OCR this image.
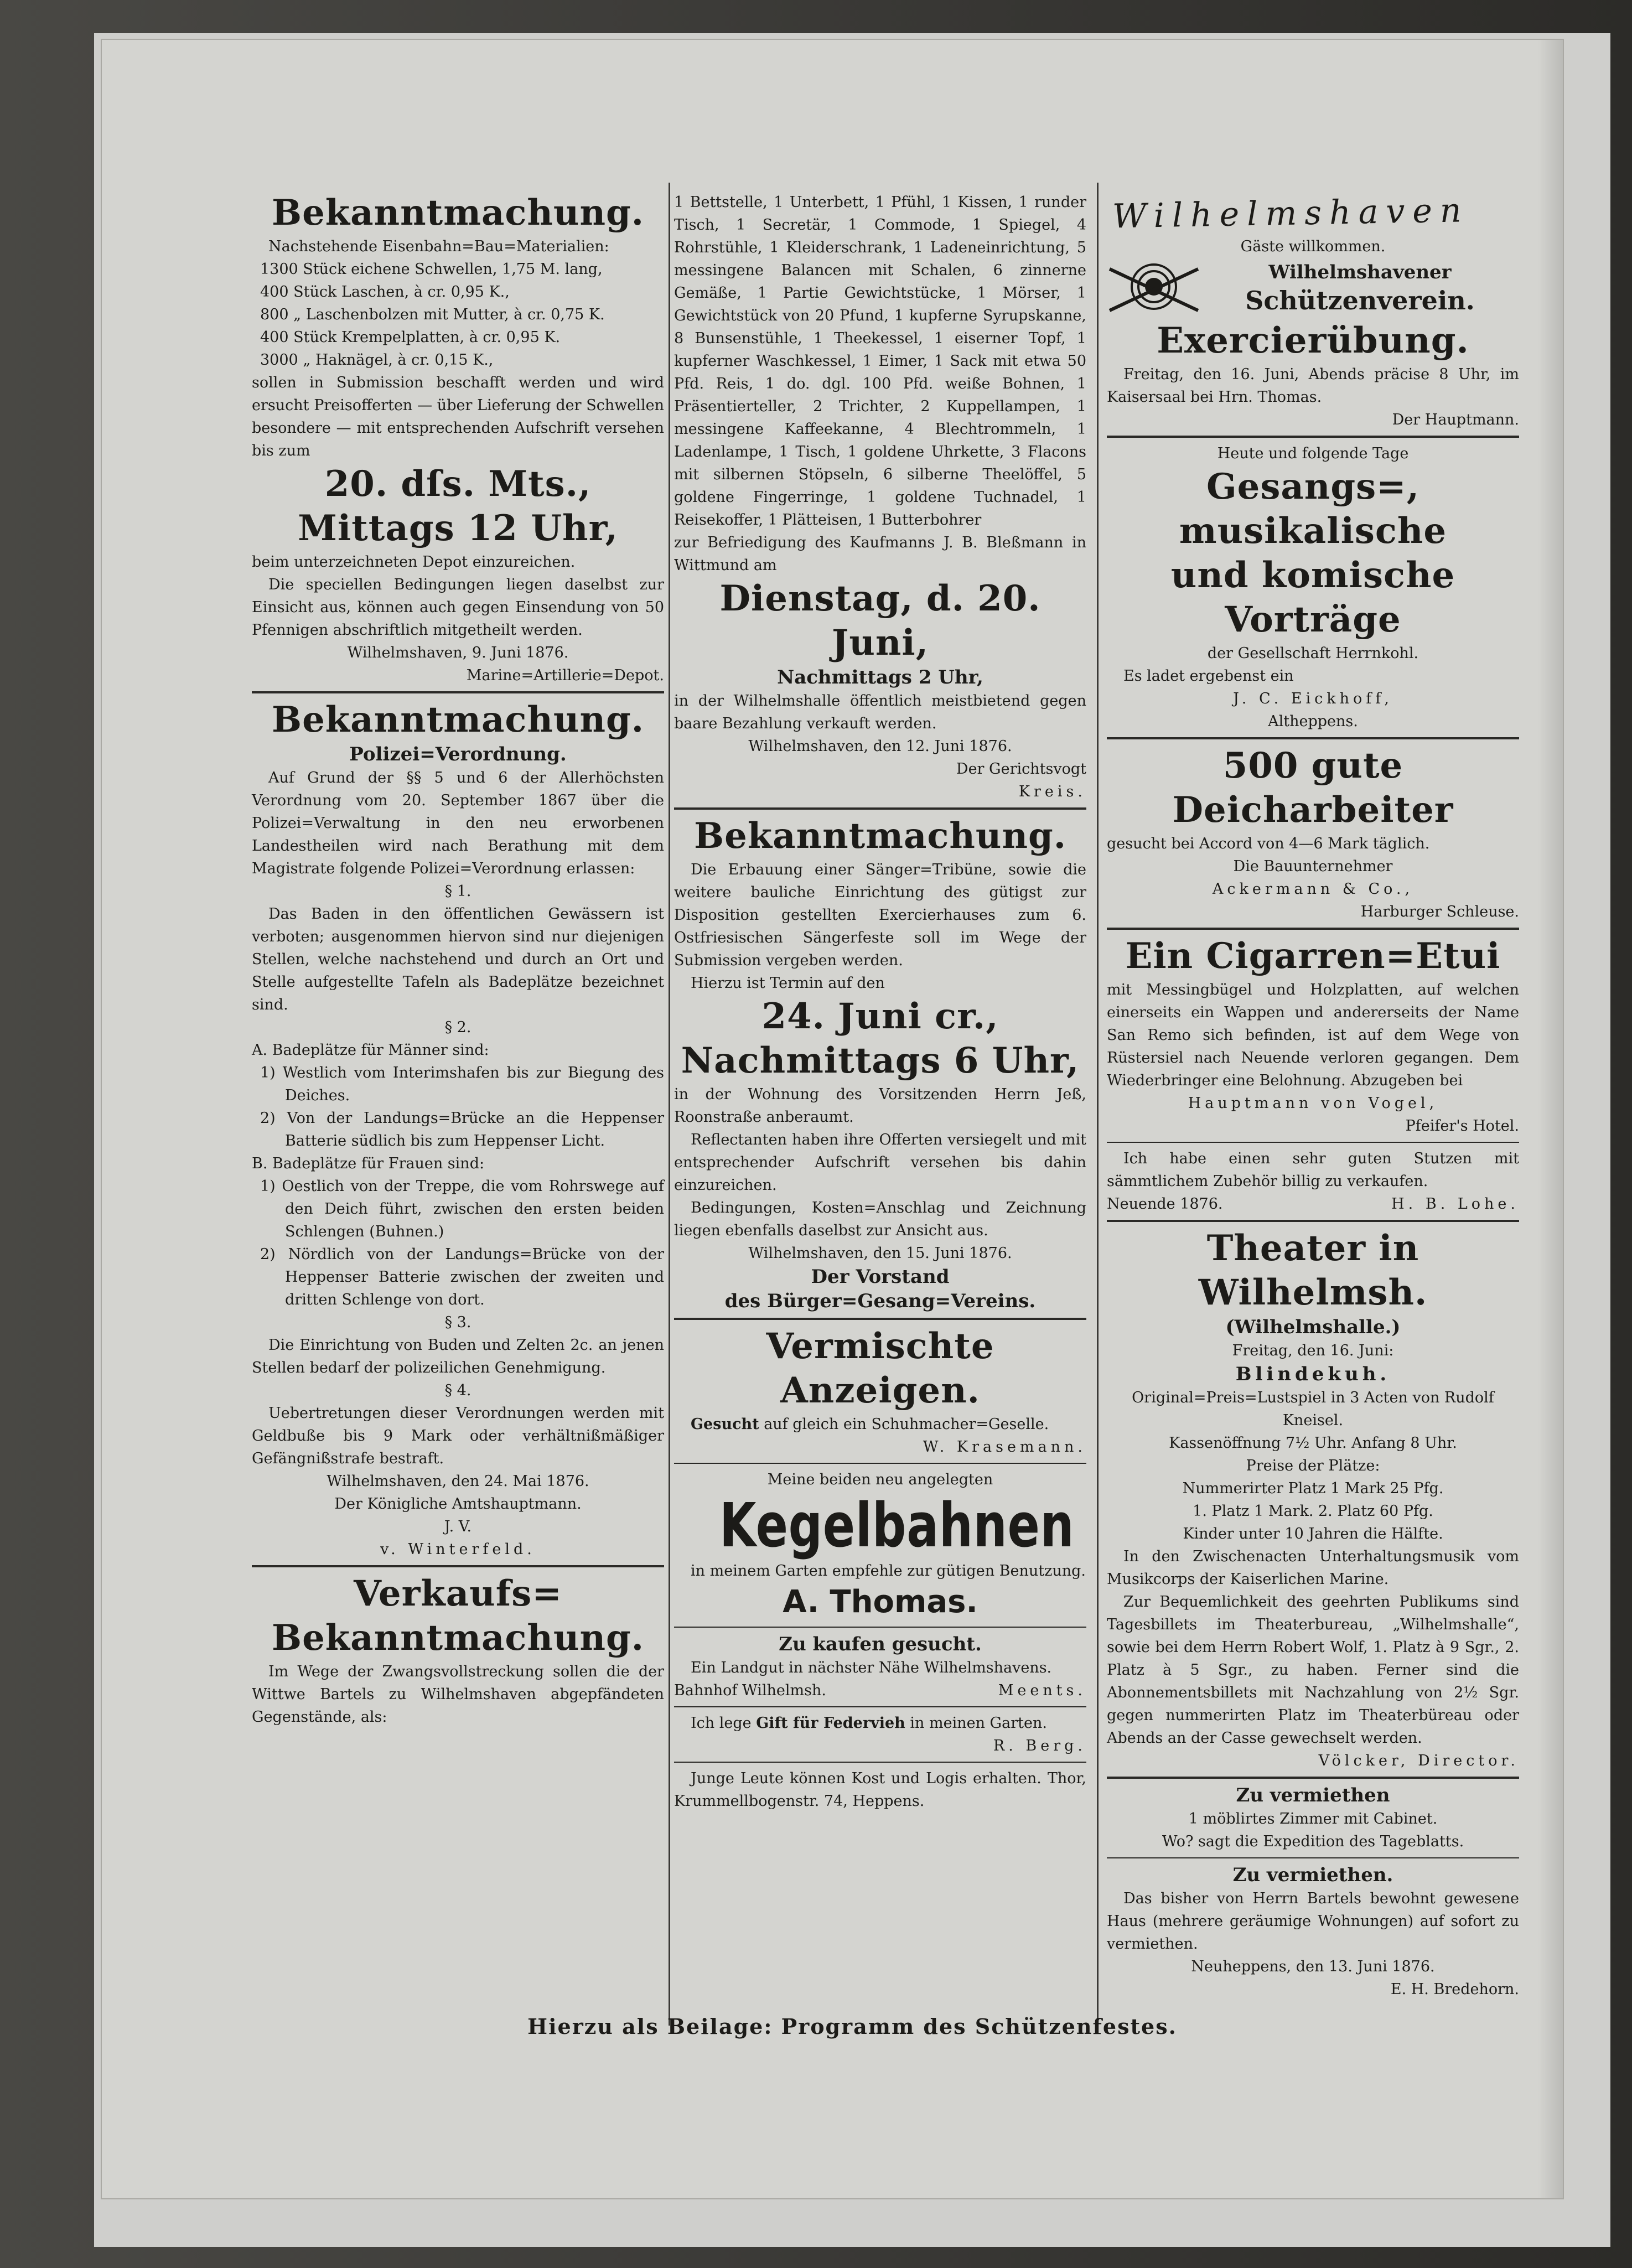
Bekanntmachung.

Nachstehende Eisenbahn=Bau=Materialien:

1300 Stück eichene Schwellen, 1,75 M. lang,

400 Stück Laschen, à cr. 0,95 K.,

800 „ Laschenbolzen mit Mutter, à cr. 0,75 K.

400 Stück Krempelplatten, à cr. 0,95 K.

3000 „ Haknägel, à cr. 0,15 K.,

sollen in Submission beschafft werden und wird ersucht Preisofferten — über Lieferung der Schwellen besondere — mit entsprechenden Aufschrift versehen bis zum

20. dſs. Mts.,
Mittags 12 Uhr,

beim unterzeichneten Depot einzureichen.

Die speciellen Bedingungen liegen daselbst zur Einsicht aus, können auch gegen Einsendung von 50 Pfennigen abschriftlich mitgetheilt werden.

Wilhelmshaven, 9. Juni 1876.

Marine=Artillerie=Depot.

Bekanntmachung.
Polizei=Verordnung.

Auf Grund der §§ 5 und 6 der Allerhöchsten Verordnung vom 20. September 1867 über die Polizei=Verwaltung in den neu erworbenen Landestheilen wird nach Berathung mit dem Magistrate folgende Polizei=Verordnung erlassen:

§ 1.

Das Baden in den öffentlichen Gewässern ist verboten; ausgenommen hiervon sind nur diejenigen Stellen, welche nachstehend und durch an Ort und Stelle aufgestellte Tafeln als Badeplätze bezeichnet sind.

§ 2.

A. Badeplätze für Männer sind:

1) Westlich vom Interimshafen bis zur Biegung des Deiches.

2) Von der Landungs=Brücke an die Heppenser Batterie südlich bis zum Heppenser Licht.

B. Badeplätze für Frauen sind:

1) Oestlich von der Treppe, die vom Rohrswege auf den Deich führt, zwischen den ersten beiden Schlengen (Buhnen.)

2) Nördlich von der Landungs=Brücke von der Heppenser Batterie zwischen der zweiten und dritten Schlenge von dort.

§ 3.

Die Einrichtung von Buden und Zelten 2c. an jenen Stellen bedarf der polizeilichen Genehmigung.

§ 4.

Uebertretungen dieser Verordnungen werden mit Geldbuße bis 9 Mark oder verhältnißmäßiger Gefängnißstrafe bestraft.

Wilhelmshaven, den 24. Mai 1876.

Der Königliche Amtshauptmann.

J. V.

v. Winterfeld.

Verkaufs=
Bekanntmachung.

Im Wege der Zwangsvollstreckung sollen die der Wittwe Bartels zu Wilhelmshaven abgepfändeten Gegenstände, als:

1 Bettstelle, 1 Unterbett, 1 Pfühl, 1 Kissen, 1 runder Tisch, 1 Secretär, 1 Commode, 1 Spiegel, 4 Rohrstühle, 1 Kleiderschrank, 1 Ladeneinrichtung, 5 messingene Balancen mit Schalen, 6 zinnerne Gemäße, 1 Partie Gewichtstücke, 1 Mörser, 1 Gewichtstück von 20 Pfund, 1 kupferne Syrupskanne, 8 Bunsenstühle, 1 Theekessel, 1 eiserner Topf, 1 kupferner Waschkessel, 1 Eimer, 1 Sack mit etwa 50 Pfd. Reis, 1 do. dgl. 100 Pfd. weiße Bohnen, 1 Präsentierteller, 2 Trichter, 2 Kuppellampen, 1 messingene Kaffeekanne, 4 Blechtrommeln, 1 Ladenlampe, 1 Tisch, 1 goldene Uhrkette, 3 Flacons mit silbernen Stöpseln, 6 silberne Theelöffel, 5 goldene Fingerringe, 1 goldene Tuchnadel, 1 Reisekoffer, 1 Plätteisen, 1 Butterbohrer

zur Befriedigung des Kaufmanns J. B. Bleßmann in Wittmund am

Dienstag, d. 20. Juni,
Nachmittags 2 Uhr,

in der Wilhelmshalle öffentlich meistbietend gegen baare Bezahlung verkauft werden.

Wilhelmshaven, den 12. Juni 1876.

Der Gerichtsvogt

Kreis.

Bekanntmachung.

Die Erbauung einer Sänger=Tribüne, sowie die weitere bauliche Einrichtung des gütigst zur Disposition gestellten Exercierhauses zum 6. Ostfriesischen Sängerfeste soll im Wege der Submission vergeben werden.

Hierzu ist Termin auf den

24. Juni cr.,
Nachmittags 6 Uhr,

in der Wohnung des Vorsitzenden Herrn Jeß, Roonstraße anberaumt.

Reflectanten haben ihre Offerten versiegelt und mit entsprechender Aufschrift versehen bis dahin einzureichen.

Bedingungen, Kosten=Anschlag und Zeichnung liegen ebenfalls daselbst zur Ansicht aus.

Wilhelmshaven, den 15. Juni 1876.

Der Vorstand
des Bürger=Gesang=Vereins.
Vermischte Anzeigen.

Gesucht auf gleich ein Schuhmacher=Geselle.

W. Krasemann.

Meine beiden neu angelegten

Kegelbahnen

in meinem Garten empfehle zur gütigen Benutzung.

A. Thomas.
Zu kaufen gesucht.

Ein Landgut in nächster Nähe Wilhelmshavens.

Bahnhof Wilhelmsh.	Meents.

Ich lege Gift für Federvieh in meinen Garten.

R. Berg.

Junge Leute können Kost und Logis erhalten. Thor, Krummellbogenstr. 74, Heppens.

Wilhelmshaven

Gäste willkommen.

Wilhelmshavener
Schützenverein.
Exercierübung.

Freitag, den 16. Juni, Abends präcise 8 Uhr, im Kaisersaal bei Hrn. Thomas.

Der Hauptmann.

Heute und folgende Tage

Gesangs=, musikalische
und komische Vorträge

der Gesellschaft Herrnkohl.

Es ladet ergebenst ein

J. C. Eickhoff,

Altheppens.

500 gute Deicharbeiter

gesucht bei Accord von 4—6 Mark täglich.

Die Bauunternehmer

Ackermann & Co.,

Harburger Schleuse.

Ein Cigarren=Etui

mit Messingbügel und Holzplatten, auf welchen einerseits ein Wappen und andererseits der Name San Remo sich befinden, ist auf dem Wege von Rüstersiel nach Neuende verloren gegangen. Dem Wiederbringer eine Belohnung. Abzugeben bei

Hauptmann von Vogel,

Pfeifer's Hotel.

Ich habe einen sehr guten Stutzen mit sämmtlichem Zubehör billig zu verkaufen.

Neuende 1876.	H. B. Lohe.
Theater in Wilhelmsh.
(Wilhelmshalle.)

Freitag, den 16. Juni:

Blindekuh.

Original=Preis=Lustspiel in 3 Acten von Rudolf Kneisel.

Kassenöffnung 7½ Uhr. Anfang 8 Uhr.

Preise der Plätze:

Nummerirter Platz 1 Mark 25 Pfg.

1. Platz 1 Mark. 2. Platz 60 Pfg.

Kinder unter 10 Jahren die Hälfte.

In den Zwischenacten Unterhaltungsmusik vom Musikcorps der Kaiserlichen Marine.

Zur Bequemlichkeit des geehrten Publikums sind Tagesbillets im Theaterbureau, „Wilhelmshalle“, sowie bei dem Herrn Robert Wolf, 1. Platz à 9 Sgr., 2. Platz à 5 Sgr., zu haben. Ferner sind die Abonnementsbillets mit Nachzahlung von 2½ Sgr. gegen nummerirten Platz im Theaterbüreau oder Abends an der Casse gewechselt werden.

Völcker, Director.

Zu vermiethen

1 möblirtes Zimmer mit Cabinet.

Wo? sagt die Expedition des Tageblatts.

Zu vermiethen.

Das bisher von Herrn Bartels bewohnt gewesene Haus (mehrere geräumige Wohnungen) auf sofort zu vermiethen.

Neuheppens, den 13. Juni 1876.

E. H. Bredehorn.

Hierzu als Beilage: Programm des Schützenfestes.
